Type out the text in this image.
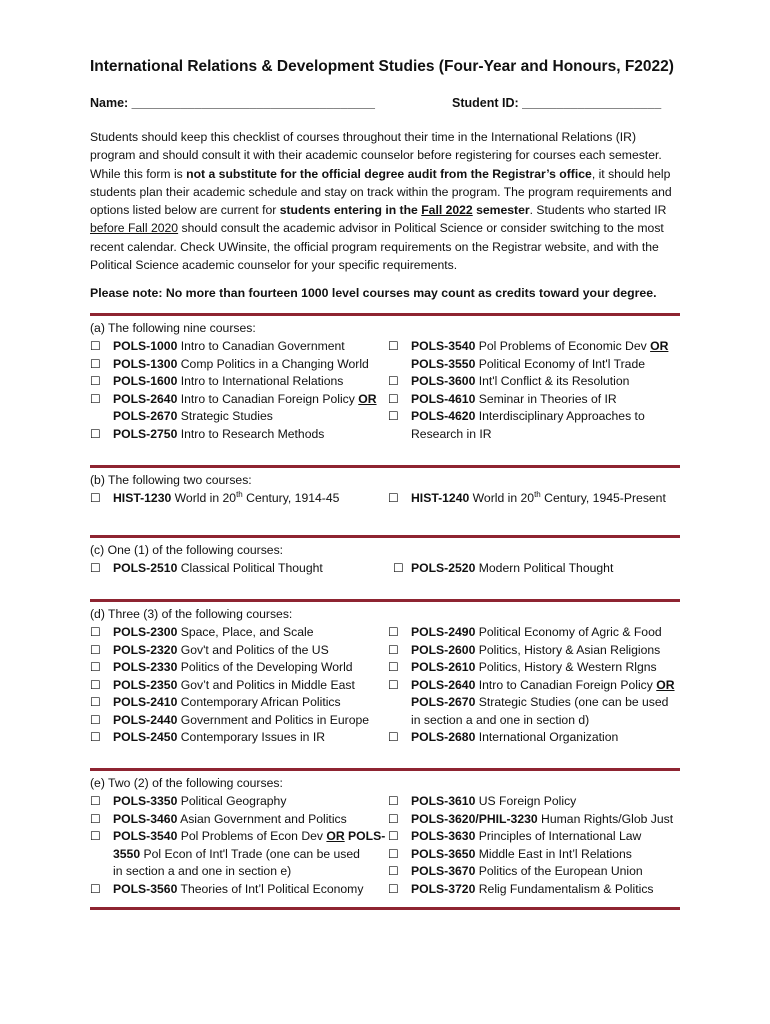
International Relations & Development Studies (Four-Year and Honours, F2022)
Name: ___________________________________	Student ID: ____________________
Students should keep this checklist of courses throughout their time in the International Relations (IR) program and should consult it with their academic counselor before registering for courses each semester. While this form is not a substitute for the official degree audit from the Registrar’s office, it should help students plan their academic schedule and stay on track within the program. The program requirements and options listed below are current for students entering in the Fall 2022 semester. Students who started IR before Fall 2020 should consult the academic advisor in Political Science or consider switching to the most recent calendar. Check UWinsite, the official program requirements on the Registrar website, and with the Political Science academic counselor for your specific requirements.
Please note: No more than fourteen 1000 level courses may count as credits toward your degree.
(a) The following nine courses:
☐	POLS-1000 Intro to Canadian Government
☐	POLS-1300 Comp Politics in a Changing World
☐	POLS-1600 Intro to International Relations
☐	POLS-2640 Intro to Canadian Foreign Policy OR
POLS-2670 Strategic Studies
☐	POLS-2750 Intro to Research Methods
☐	POLS-3540 Pol Problems of Economic Dev OR
POLS-3550 Political Economy of Int'l Trade
☐	POLS-3600 Int'l Conflict & its Resolution
☐	POLS-4610 Seminar in Theories of IR
☐	POLS-4620 Interdisciplinary Approaches to
Research in IR
(b) The following two courses:
☐	HIST-1230 World in 20th Century, 1914-45	☐	HIST-1240 World in 20th Century, 1945-Present
(c) One (1) of the following courses:
☐	POLS-2510 Classical Political Thought	☐ POLS-2520 Modern Political Thought
(d) Three (3) of the following courses:
☐	POLS-2300 Space, Place, and Scale
☐	POLS-2320 Gov't and Politics of the US
☐	POLS-2330 Politics of the Developing World
☐	POLS-2350 Gov’t and Politics in Middle East
☐	POLS-2410 Contemporary African Politics
☐	POLS-2440 Government and Politics in Europe
☐	POLS-2450 Contemporary Issues in IR
☐	POLS-2490 Political Economy of Agric & Food
☐	POLS-2600 Politics, History & Asian Religions
☐	POLS-2610 Politics, History & Western Rlgns
☐	POLS-2640 Intro to Canadian Foreign Policy OR
POLS-2670 Strategic Studies (one can be used
in section a and one in section d)
☐	POLS-2680 International Organization
(e) Two (2) of the following courses:
☐	POLS-3350 Political Geography
☐	POLS-3460 Asian Government and Politics
☐	POLS-3540 Pol Problems of Econ Dev OR POLS-
3550 Pol Econ of Int'l Trade (one can be used
in section a and one in section e)
☐	POLS-3560 Theories of Int’l Political Economy
☐	POLS-3610 US Foreign Policy
☐	POLS-3620/PHIL-3230 Human Rights/Glob Just
☐	POLS-3630 Principles of International Law
☐	POLS-3650 Middle East in Int’l Relations
☐	POLS-3670 Politics of the European Union
☐	POLS-3720 Relig Fundamentalism & Politics
